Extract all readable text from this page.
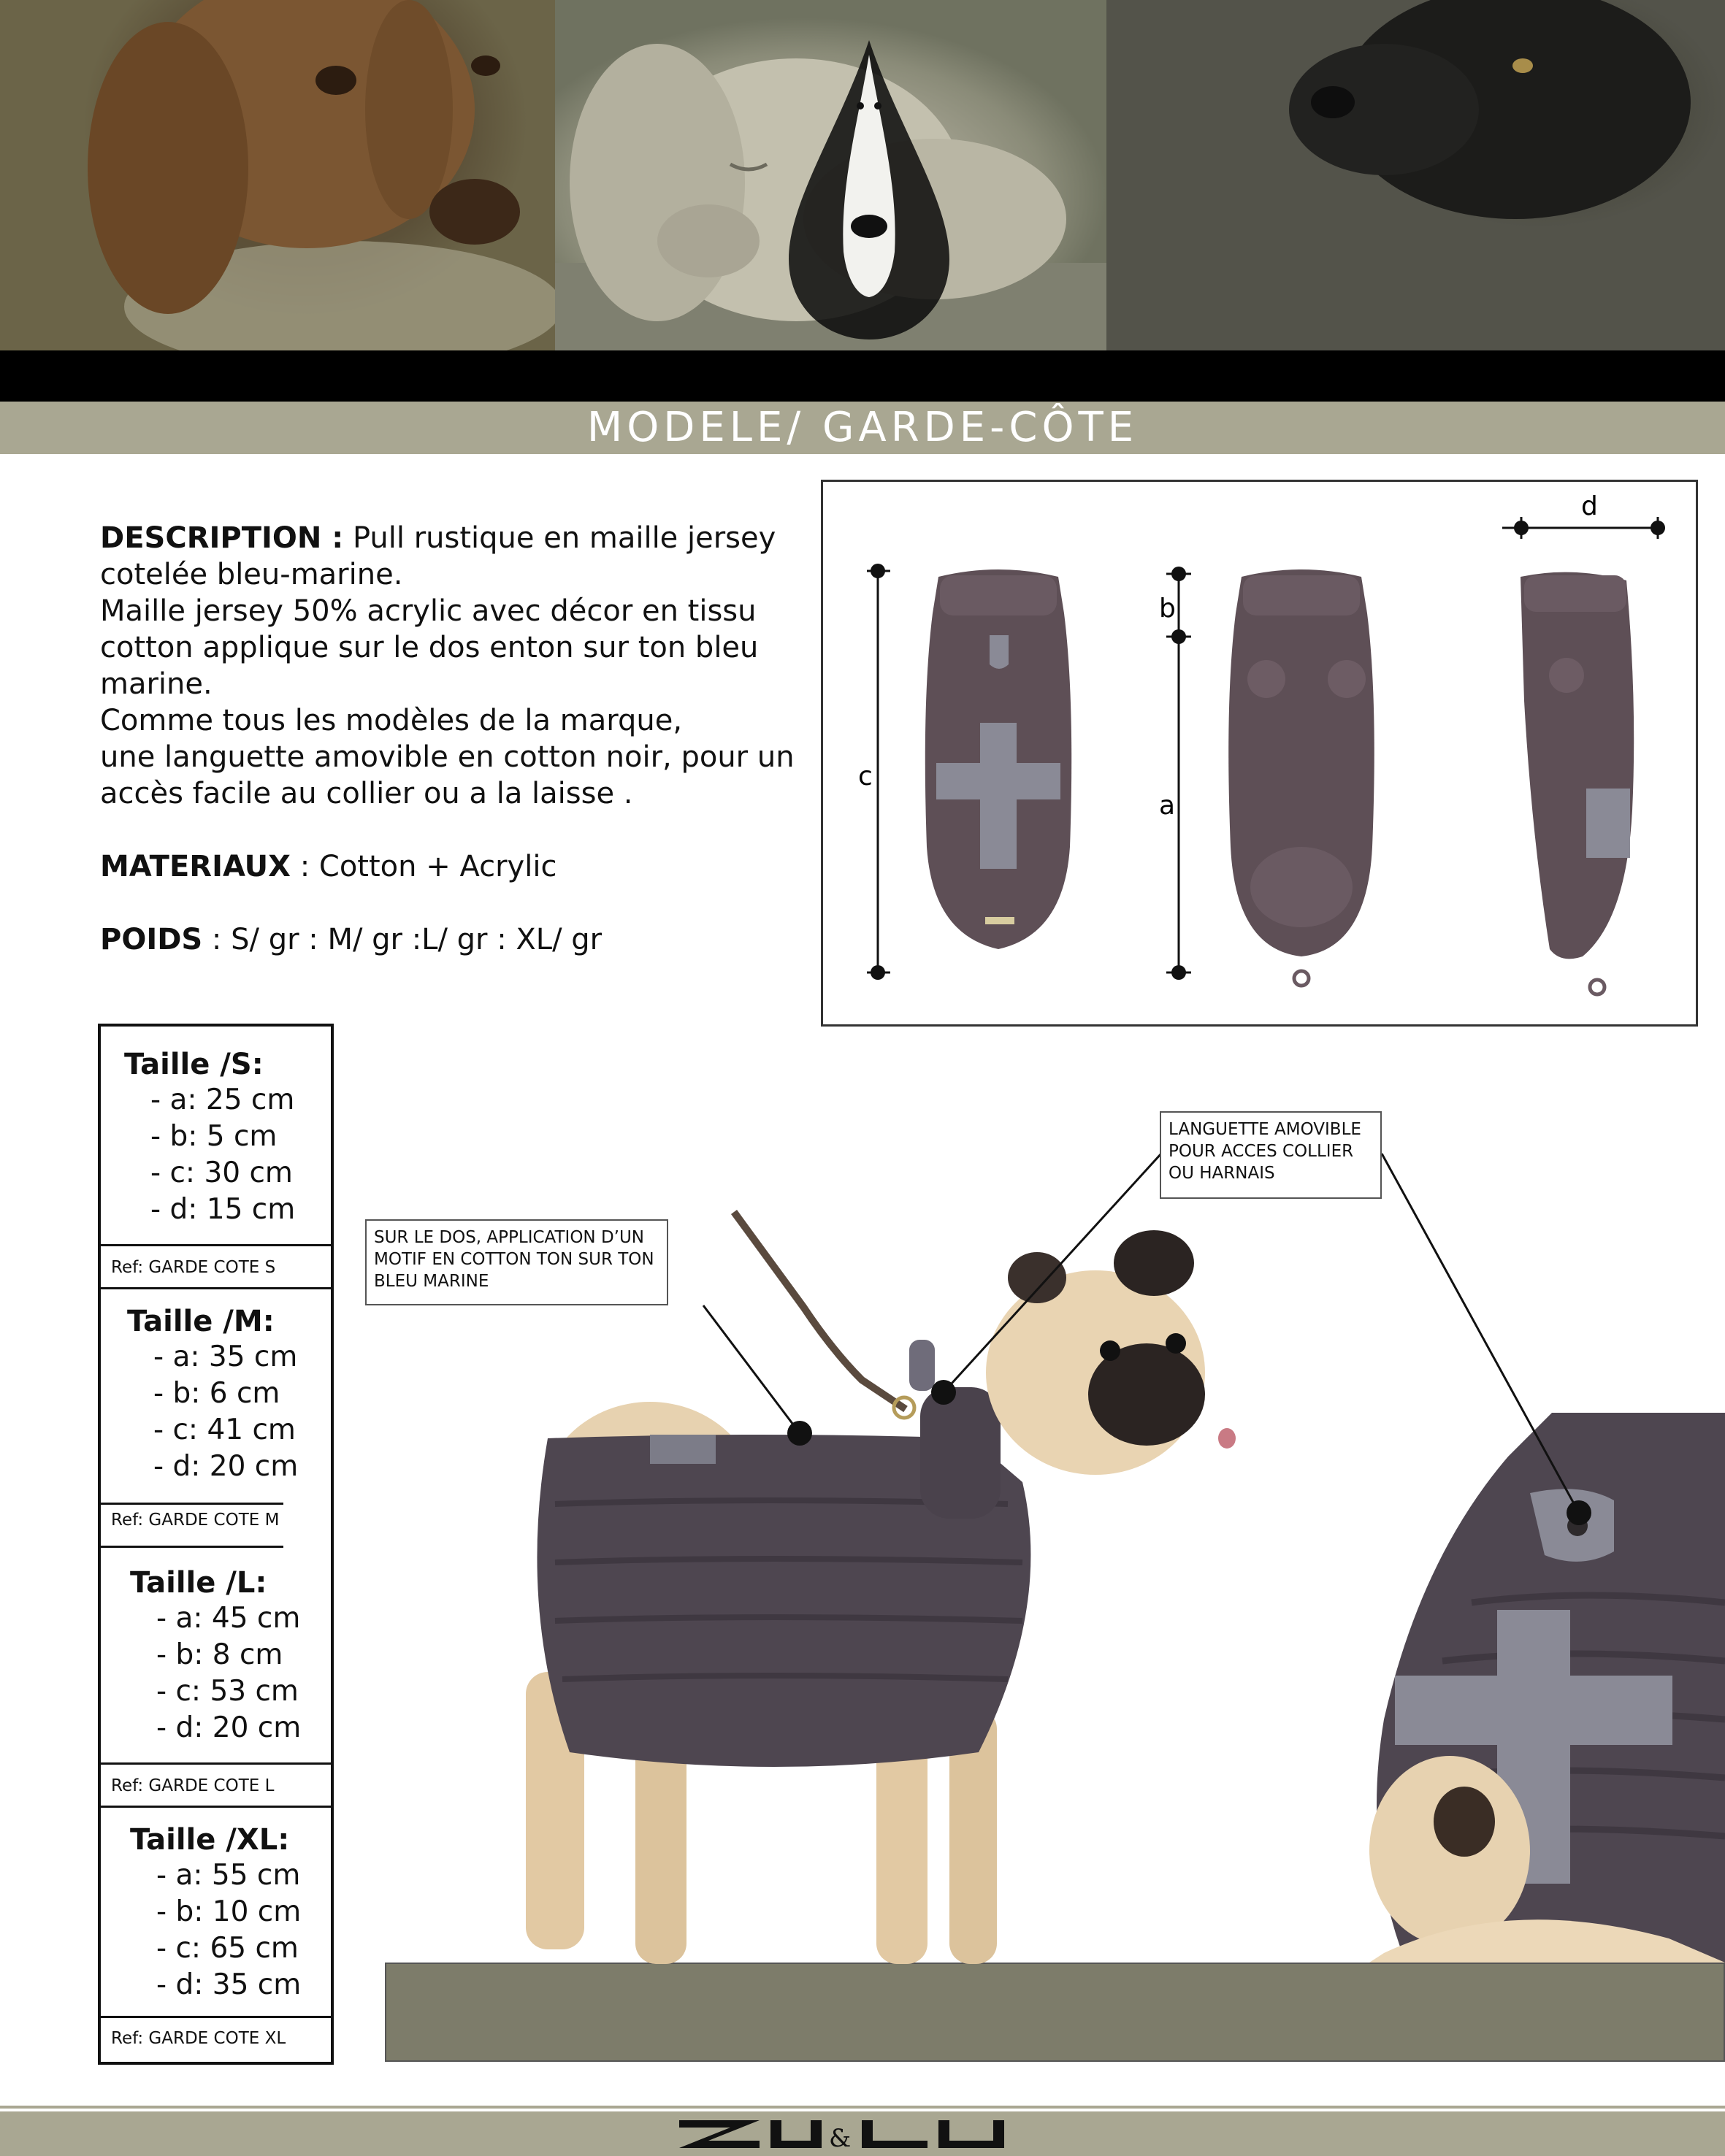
MODELE/ GARDE-CÔTE

DESCRIPTION : Pull rustique en maille jersey

cotelée bleu-marine.

Maille jersey 50% acrylic avec décor en tissu

cotton applique sur le dos enton sur ton bleu marine.

Comme tous les modèles de la marque,

une languette amovible en cotton noir, pour un

accès facile au collier ou a la laisse .

MATERIAUX : Cotton + Acrylic

POIDS : S/ gr : M/ gr :L/ gr : XL/ gr

c
b
a
d
Taille /S:
- a: 25 cm
- b: 5 cm
- c: 30 cm
- d: 15 cm
Ref: GARDE COTE S
Taille /M:
- a: 35 cm
- b: 6 cm
- c: 41 cm
- d: 20 cm
Ref: GARDE COTE M
Taille /L:
- a: 45 cm
- b: 8 cm
- c: 53 cm
- d: 20 cm
Ref: GARDE COTE L
Taille /XL:
- a: 55 cm
- b: 10 cm
- c: 65 cm
- d: 35 cm
Ref: GARDE COTE XL
SUR LE DOS, APPLICATION D’UN
MOTIF EN COTTON TON SUR TON
BLEU MARINE
LANGUETTE AMOVIBLE
POUR ACCES COLLIER
OU HARNAIS
&
